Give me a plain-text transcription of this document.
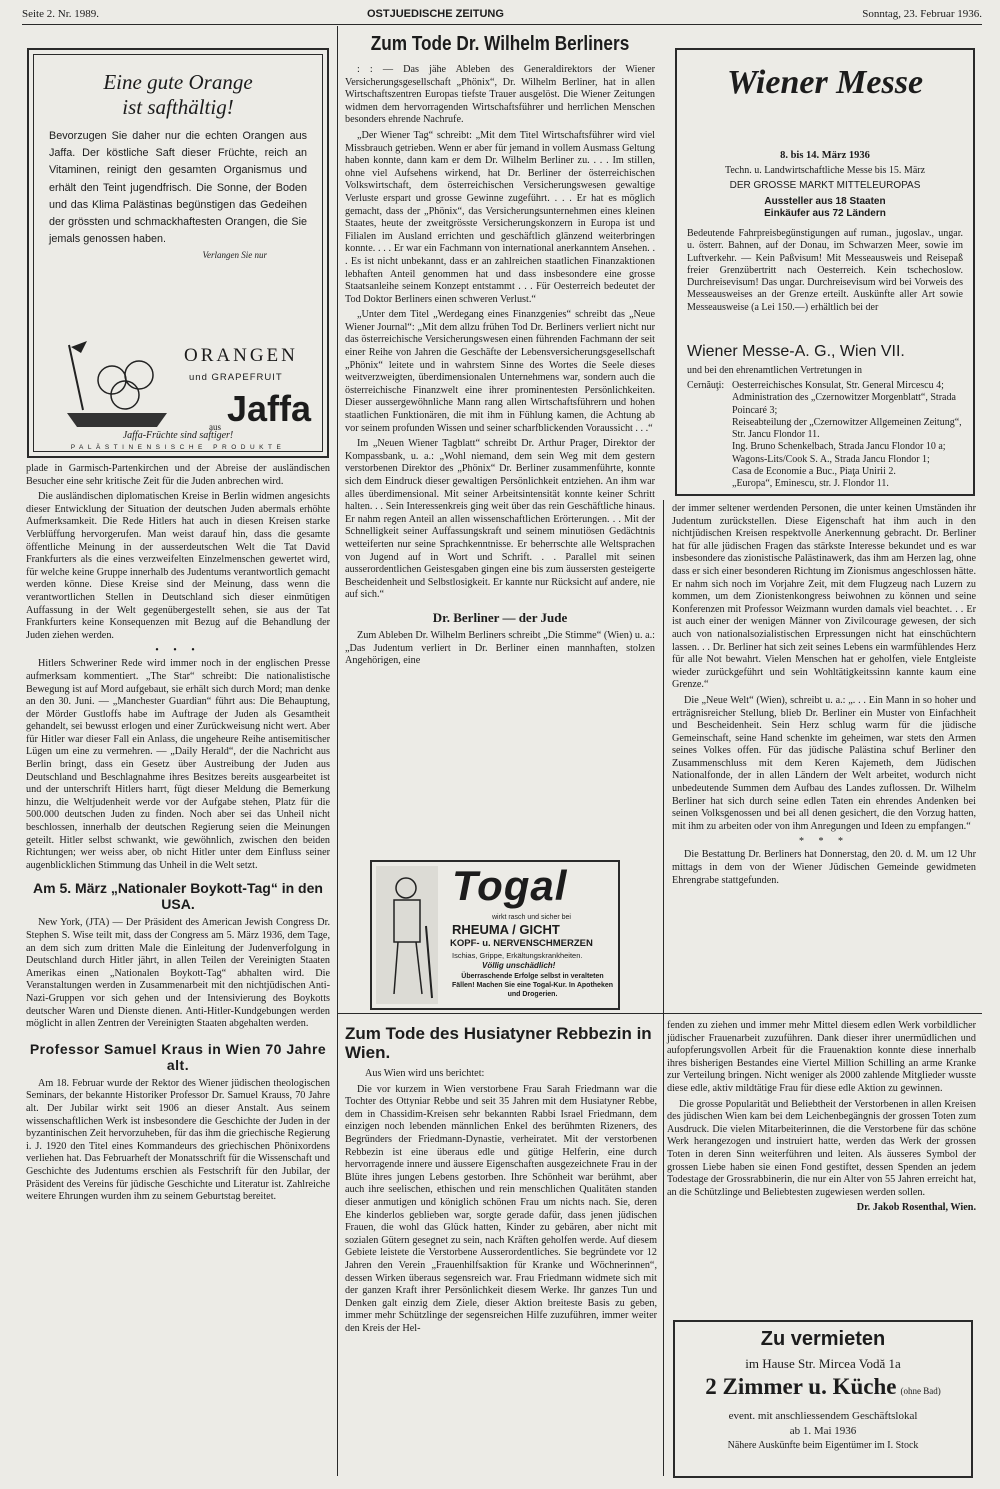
Seite 2. Nr. 1989.	OSTJUEDISCHE ZEITUNG	Sonntag, 23. Februar 1936.
Eine gute Orange
ist safthältig!
Bevorzugen Sie daher nur die echten Orangen aus Jaffa. Der köstliche Saft dieser Früchte, reich an Vitaminen, reinigt den gesamten Organismus und erhält den Teint jugendfrisch. Die Sonne, der Boden und das Klima Palästinas begünstigen das Gedeihen der grössten und schmackhaftesten Orangen, die Sie jemals genossen haben.
Verlangen Sie nur
ORANGEN
und GRAPEFRUIT
aus Jaffa
Jaffa-Früchte sind saftiger!
PALÄSTINENSISCHE PRODUKTE

plade in Garmisch-Partenkirchen und der Abreise der ausländischen Besucher eine sehr kritische Zeit für die Juden anbrechen wird.

Die ausländischen diplomatischen Kreise in Berlin widmen angesichts dieser Entwicklung der Situation der deutschen Juden abermals erhöhte Aufmerksamkeit. Die Rede Hitlers hat auch in diesen Kreisen starke Verblüffung hervorgerufen. Man weist darauf hin, dass die gesamte öffentliche Meinung in der ausserdeutschen Welt die Tat David Frankfurters als die eines verzweifelten Einzelmenschen gewertet wird, für welche keine Gruppe innerhalb des Judentums verantwortlich gemacht werden könne. Diese Kreise sind der Meinung, dass wenn die verantwortlichen Stellen in Deutschland sich dieser einmütigen Auffassung in der Welt gegenübergestellt sehen, sie aus der Tat Frankfurters keine Konsequenzen mit Bezug auf die Behandlung der Juden ziehen werden.

• • •

Hitlers Schweriner Rede wird immer noch in der englischen Presse aufmerksam kommentiert. „The Star“ schreibt: Die nationalistische Bewegung ist auf Mord aufgebaut, sie erhält sich durch Mord; man denke an den 30. Juni. — „Manchester Guardian“ führt aus: Die Behauptung, der Mörder Gustloffs habe im Auftrage der Juden als Gesamtheit gehandelt, sei bewusst erlogen und einer Zurückweisung nicht wert. Aber für Hitler war dieser Fall ein Anlass, die ungeheure Reihe antisemitischer Lügen um eine zu vermehren. — „Daily Herald“, der die Nachricht aus Berlin bringt, dass ein Gesetz über Austreibung der Juden aus Deutschland und Beschlagnahme ihres Besitzes bereits ausgearbeitet ist und der unterschrift Hitlers harrt, fügt dieser Meldung die Bemerkung hinzu, die Weltjudenheit werde vor der Aufgabe stehen, Platz für die 500.000 deutschen Juden zu finden. Noch aber sei das Unheil nicht beschlossen, innerhalb der deutschen Regierung seien die Meinungen geteilt. Hitler selbst schwankt, wie gewöhnlich, zwischen den beiden Richtungen; wer weiss aber, ob nicht Hitler unter dem Einfluss seiner augenblicklichen Stimmung das Unheil in die Welt setzt.

Am 5. März „Nationaler Boykott-Tag“ in den USA.

New York, (JTA) — Der Präsident des American Jewish Congress Dr. Stephen S. Wise teilt mit, dass der Congress am 5. März 1936, dem Tage, an dem sich zum dritten Male die Einleitung der Judenverfolgung in Deutschland durch Hitler jährt, in allen Teilen der Vereinigten Staaten Amerikas einen „Nationalen Boykott-Tag“ abhalten wird. Die Veranstaltungen werden in Zusammenarbeit mit den nichtjüdischen Anti-Nazi-Gruppen vor sich gehen und der Intensivierung des Boykotts deutscher Waren und Dienste dienen. Anti-Hitler-Kundgebungen werden möglicht in allen Zentren der Vereinigten Staaten abgehalten werden.

Professor Samuel Kraus in Wien 70 Jahre alt.

Am 18. Februar wurde der Rektor des Wiener jüdischen theologischen Seminars, der bekannte Historiker Professor Dr. Samuel Krauss, 70 Jahre alt. Der Jubilar wirkt seit 1906 an dieser Anstalt. Aus seinem wissenschaftlichen Werk ist insbesondere die Geschichte der Juden in der byzantinischen Zeit hervorzuheben, für das ihm die griechische Regierung i. J. 1920 den Titel eines Kommandeurs des griechischen Phönixordens verliehen hat. Das Februarheft der Monatsschrift für die Wissenschaft und Geschichte des Judentums erschien als Festschrift für den Jubilar, der Präsident des Vereins für jüdische Geschichte und Literatur ist. Zahlreiche weitere Ehrungen wurden ihm zu seinem Geburtstag bereitet.

Zum Tode Dr. Wilhelm Berliners

: : — Das jähe Ableben des Generaldirektors der Wiener Versicherungsgesellschaft „Phönix“, Dr. Wilhelm Berliner, hat in allen Wirtschaftszentren Europas tiefste Trauer ausgelöst. Die Wiener Zeitungen widmen dem hervorragenden Wirtschaftsführer und herrlichen Menschen besonders ehrende Nachrufe.

„Der Wiener Tag“ schreibt: „Mit dem Titel Wirtschaftsführer wird viel Missbrauch getrieben. Wenn er aber für jemand in vollem Ausmass Geltung haben konnte, dann kam er dem Dr. Wilhelm Berliner zu. . . . Im stillen, ohne viel Aufsehens wirkend, hat Dr. Berliner der österreichischen Volkswirtschaft, dem österreichischen Versicherungswesen gewaltige Verluste erspart und grosse Gewinne zugeführt. . . . Er hat es möglich gemacht, dass der „Phönix“, das Versicherungsunternehmen eines kleinen Staates, heute der zweitgrösste Versicherungskonzern in Europa ist und Filialen im Ausland errichten und geschäftlich glänzend weiterbringen konnte. . . . Er war ein Fachmann von international anerkanntem Ansehen. . . Es ist nicht unbekannt, dass er an zahlreichen staatlichen Finanzaktionen lebhaften Anteil genommen hat und dass insbesondere eine grosse Staatsanleihe seinem Konzept entstammt . . . Für Oesterreich bedeutet der Tod Doktor Berliners einen schweren Verlust.“

„Unter dem Titel „Werdegang eines Finanzgenies“ schreibt das „Neue Wiener Journal“: „Mit dem allzu frühen Tod Dr. Berliners verliert nicht nur das österreichische Versicherungswesen einen führenden Fachmann der seit einer Reihe von Jahren die Geschäfte der Lebensversicherungsgesellschaft „Phönix“ leitete und in wahrstem Sinne des Wortes die Seele dieses weitverzweigten, überdimensionalen Unternehmens war, sondern auch die österreichische Finanzwelt eine ihrer prominentesten Persönlichkeiten. Dieser aussergewöhnliche Mann rang allen Wirtschaftsführern und hohen staatlichen Funktionären, die mit ihm in Fühlung kamen, die Achtung ab vor seinem profunden Wissen und seiner scharfblickenden Voraussicht . . .“

Im „Neuen Wiener Tagblatt“ schreibt Dr. Arthur Prager, Direktor der Kompassbank, u. a.: „Wohl niemand, dem sein Weg mit dem gestern verstorbenen Direktor des „Phönix“ Dr. Berliner zusammenführte, konnte sich dem Eindruck dieser gewaltigen Persönlichkeit entziehen. An ihm war alles überdimensional. Mit seiner Arbeitsintensität konnte keiner Schritt halten. . . Sein Interessenkreis ging weit über das rein Geschäftliche hinaus. Er nahm regen Anteil an allen wissenschaftlichen Erörterungen. . . Mit der Schnelligkeit seiner Auffassungskraft und seinem minutiösen Gedächtnis wetteiferten nur seine Sprachkenntnisse. Er beherrschte alle Weltsprachen von Jugend auf in Wort und Schrift. . . Parallel mit seinen ausserordentlichen Geistesgaben gingen eine bis zum äussersten gesteigerte Bescheidenheit und Selbstlosigkeit. Er kannte nur Rücksicht auf andere, nie auf sich.“

Dr. Berliner — der Jude

Zum Ableben Dr. Wilhelm Berliners schreibt „Die Stimme“ (Wien) u. a.: „Das Judentum verliert in Dr. Berliner einen mannhaften, stolzen Angehörigen, eine

Togal
wirkt rasch und sicher bei
RHEUMA / GICHT
KOPF- u. NERVENSCHMERZEN
Ischias, Grippe, Erkältungskrankheiten.
Völlig unschädlich!
Überraschende Erfolge selbst in veralteten Fällen! Machen Sie eine Togal-Kur. In Apotheken und Drogerien.
Wiener Messe
8. bis 14. März 1936
Techn. u. Landwirtschaftliche Messe bis 15. März
DER GROSSE MARKT MITTELEUROPAS
Aussteller aus 18 Staaten
Einkäufer aus 72 Ländern
Bedeutende Fahrpreisbegünstigungen auf ruman., jugoslav., ungar. u. österr. Bahnen, auf der Donau, im Schwarzen Meer, sowie im Luftverkehr. — Kein Paßvisum! Mit Messeausweis und Reisepaß freier Grenzübertritt nach Oesterreich. Kein tschechoslow. Durchreisevisum! Das ungar. Durchreisevisum wird bei Vorweis des Messeausweises an der Grenze erteilt. Auskünfte aller Art sowie Messeausweise (a Lei 150.—) erhältlich bei der
Wiener Messe-A. G., Wien VII.
und bei den ehrenamtlichen Vertretungen in
Cernăuţi: Oesterreichisches Konsulat, Str. General Mircescu 4;
Administration des „Czernowitzer Morgenblatt“, Strada Poincaré 3;
Reiseabteilung der „Czernowitzer Allgemeinen Zeitung“, Str. Jancu Flondor 11.
Ing. Bruno Schenkelbach, Strada Jancu Flondor 10 a;
Wagons-Lits/Cook S. A., Strada Jancu Flondor 1;
Casa de Economie a Buc., Piaţa Unirii 2.
„Europa“, Eminescu, str. J. Flondor 11.

der immer seltener werdenden Personen, die unter keinen Umständen ihr Judentum zurückstellen. Diese Eigenschaft hat ihm auch in den nichtjüdischen Kreisen respektvolle Anerkennung gebracht. Dr. Berliner hat für alle jüdischen Fragen das stärkste Interesse bekundet und es war insbesondere das zionistische Palästinawerk, das ihm am Herzen lag, ohne dass er sich einer besonderen Richtung im Zionismus angeschlossen hätte. Er nahm sich noch im Vorjahre Zeit, mit dem Flugzeug nach Luzern zu kommen, um dem Zionistenkongress beiwohnen zu können und seine Konferenzen mit Professor Weizmann wurden damals viel beachtet. . . Er ist auch einer der wenigen Männer von Zivilcourage gewesen, der sich auch von nationalsozialistischen Erpressungen nicht hat einschüchtern lassen. . . Dr. Berliner hat sich zeit seines Lebens ein warmfühlendes Herz für alle Not bewahrt. Vielen Menschen hat er geholfen, viele Entgleiste wieder zurückgeführt und sein Wohltätigkeitssinn kannte kaum eine Grenze.“

Die „Neue Welt“ (Wien), schreibt u. a.: „. . . Ein Mann in so hoher und erträgnisreicher Stellung, blieb Dr. Berliner ein Muster von Einfachheit und Bescheidenheit. Sein Herz schlug warm für die jüdische Gemeinschaft, seine Hand schenkte im geheimen, war stets den Armen seines Volkes offen. Für das jüdische Palästina schuf Berliner den Zusammenschluss mit dem Keren Kajemeth, dem Jüdischen Nationalfonde, der in allen Ländern der Welt arbeitet, wodurch nicht unbedeutende Summen dem Aufbau des Landes zuflossen. Dr. Wilhelm Berliner hat sich durch seine edlen Taten ein ehrendes Andenken bei seinen Volksgenossen und bei all denen gesichert, die den Vorzug hatten, mit ihm zu arbeiten oder von ihm Anregungen und Ideen zu empfangen.“

* * *

Die Bestattung Dr. Berliners hat Donnerstag, den 20. d. M. um 12 Uhr mittags in dem von der Wiener Jüdischen Gemeinde gewidmeten Ehrengrabe stattgefunden.

Zum Tode des Husiatyner Rebbezin in Wien.

Aus Wien wird uns berichtet:

Die vor kurzem in Wien verstorbene Frau Sarah Friedmann war die Tochter des Ottyniar Rebbe und seit 35 Jahren mit dem Husiatyner Rebbe, dem in Chassidim-Kreisen sehr bekannten Rabbi Israel Friedmann, dem einzigen noch lebenden männlichen Enkel des berühmten Rizeners, des Begründers der Friedmann-Dynastie, verheiratet. Mit der verstorbenen Rebbezin ist eine überaus edle und gütige Helferin, eine durch hervorragende innere und äussere Eigenschaften ausgezeichnete Frau in der Blüte ihres jungen Lebens gestorben. Ihre Schönheit war berühmt, aber auch ihre seelischen, ethischen und rein menschlichen Qualitäten standen dieser anmutigen und königlich schönen Frau um nichts nach. Sie, deren Ehe kinderlos geblieben war, sorgte gerade dafür, dass jenen jüdischen Frauen, die wohl das Glück hatten, Kinder zu gebären, aber nicht mit sozialen Gütern gesegnet zu sein, nach Kräften geholfen werde. Auf diesem Gebiete leistete die Verstorbene Ausserordentliches. Sie begründete vor 12 Jahren den Verein „Frauenhilfsaktion für Kranke und Wöchnerinnen“, dessen Wirken überaus segensreich war. Frau Friedmann widmete sich mit der ganzen Kraft ihrer Persönlichkeit diesem Werke. Ihr ganzes Tun und Denken galt einzig dem Ziele, dieser Aktion breiteste Basis zu geben, immer mehr Schützlinge der segensreichen Hilfe zuzuführen, immer weiter den Kreis der Hel-

fenden zu ziehen und immer mehr Mittel diesem edlen Werk vorbildlicher jüdischer Frauenarbeit zuzuführen. Dank dieser ihrer unermüdlichen und aufopferungsvollen Arbeit für die Frauenaktion konnte diese innerhalb ihres bisherigen Bestandes eine Viertel Million Schilling an arme Kranke zur Verteilung bringen. Nicht weniger als 2000 zahlende Mitglieder wusste diese edle, aktiv mildtätige Frau für diese edle Aktion zu gewinnen.

Die grosse Popularität und Beliebtheit der Verstorbenen in allen Kreisen des jüdischen Wien kam bei dem Leichenbegängnis der grossen Toten zum Ausdruck. Die vielen Mitarbeiterinnen, die die Verstorbene für das schöne Werk herangezogen und instruiert hatte, werden das Werk der grossen Toten in deren Sinn weiterführen und leiten. Als äusseres Symbol der grossen Liebe haben sie einen Fond gestiftet, dessen Spenden an jedem Todestage der Grossrabbinerin, die nur ein Alter von 55 Jahren erreicht hat, an die Schützlinge und Beliebtesten zugewiesen werden sollen.

Dr. Jakob Rosenthal, Wien.

Zu vermieten
im Hause Str. Mircea Vodă 1a
2 Zimmer u. Küche (ohne Bad)
event. mit anschliessendem Geschäftslokal
ab 1. Mai 1936
Nähere Auskünfte beim Eigentümer im I. Stock
